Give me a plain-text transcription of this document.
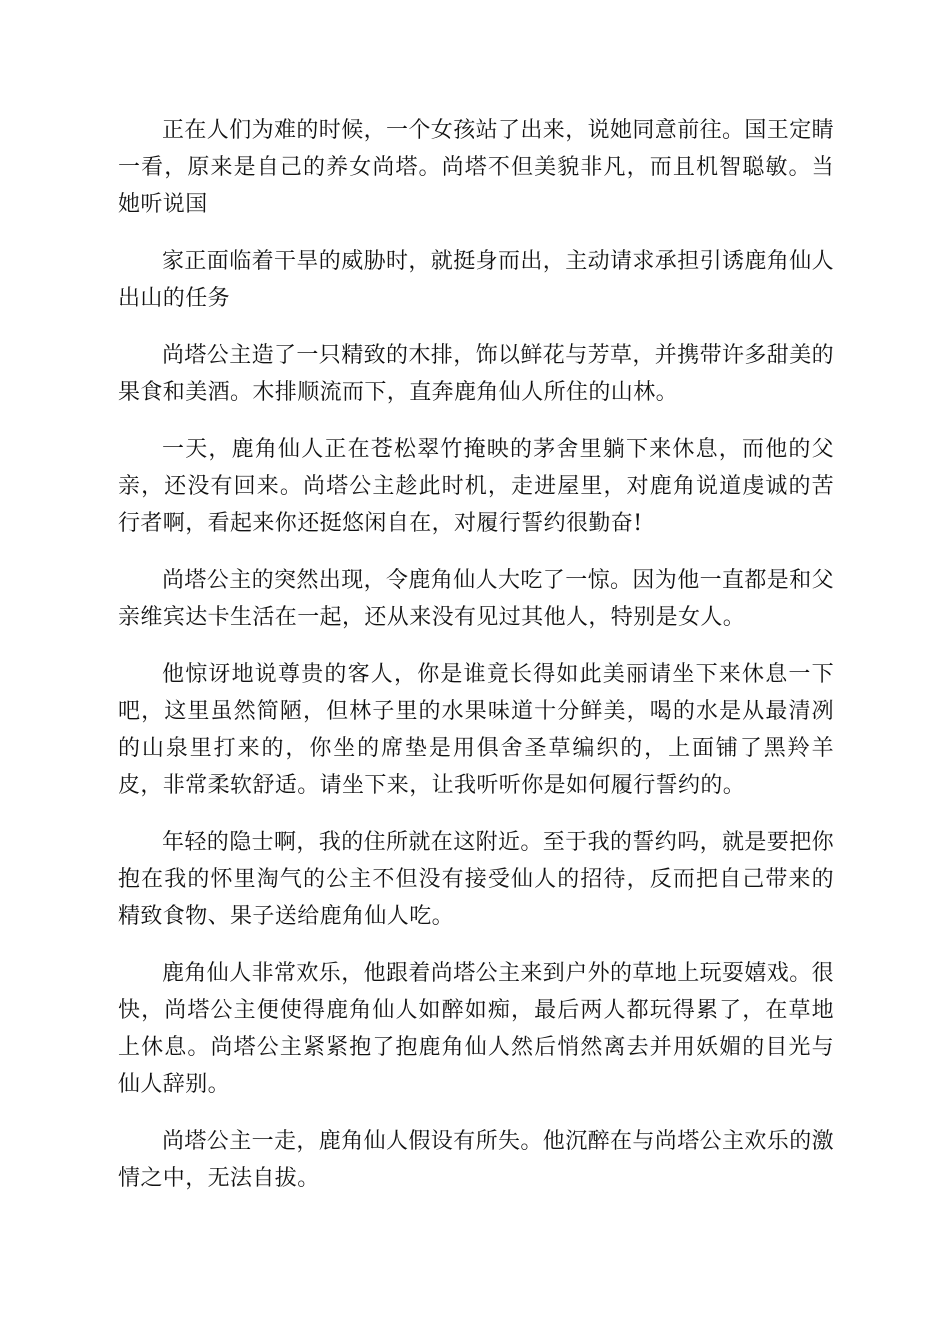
正在人们为难的时候，一个女孩站了出来，说她同意前往。国王定睛一看，原来是自己的养女尚塔。尚塔不但美貌非凡，而且机智聪敏。当她听说国

家正面临着干旱的威胁时，就挺身而出，主动请求承担引诱鹿角仙人出山的任务

尚塔公主造了一只精致的木排，饰以鲜花与芳草，并携带许多甜美的果食和美酒。木排顺流而下，直奔鹿角仙人所住的山林。

一天，鹿角仙人正在苍松翠竹掩映的茅舍里躺下来休息，而他的父亲，还没有回来。尚塔公主趁此时机，走进屋里，对鹿角说道虔诚的苦行者啊，看起来你还挺悠闲自在，对履行誓约很勤奋!

尚塔公主的突然出现，令鹿角仙人大吃了一惊。因为他一直都是和父亲维宾达卡生活在一起，还从来没有见过其他人，特别是女人。

他惊讶地说尊贵的客人，你是谁竟长得如此美丽请坐下来休息一下吧，这里虽然简陋，但林子里的水果味道十分鲜美，喝的水是从最清冽的山泉里打来的，你坐的席垫是用俱舍圣草编织的，上面铺了黑羚羊皮，非常柔软舒适。请坐下来，让我听听你是如何履行誓约的。

年轻的隐士啊，我的住所就在这附近。至于我的誓约吗，就是要把你抱在我的怀里淘气的公主不但没有接受仙人的招待，反而把自己带来的精致食物、果子送给鹿角仙人吃。

鹿角仙人非常欢乐，他跟着尚塔公主来到户外的草地上玩耍嬉戏。很快，尚塔公主便使得鹿角仙人如醉如痴，最后两人都玩得累了，在草地上休息。尚塔公主紧紧抱了抱鹿角仙人然后悄然离去并用妖媚的目光与仙人辞别。

尚塔公主一走，鹿角仙人假设有所失。他沉醉在与尚塔公主欢乐的激情之中，无法自拔。
